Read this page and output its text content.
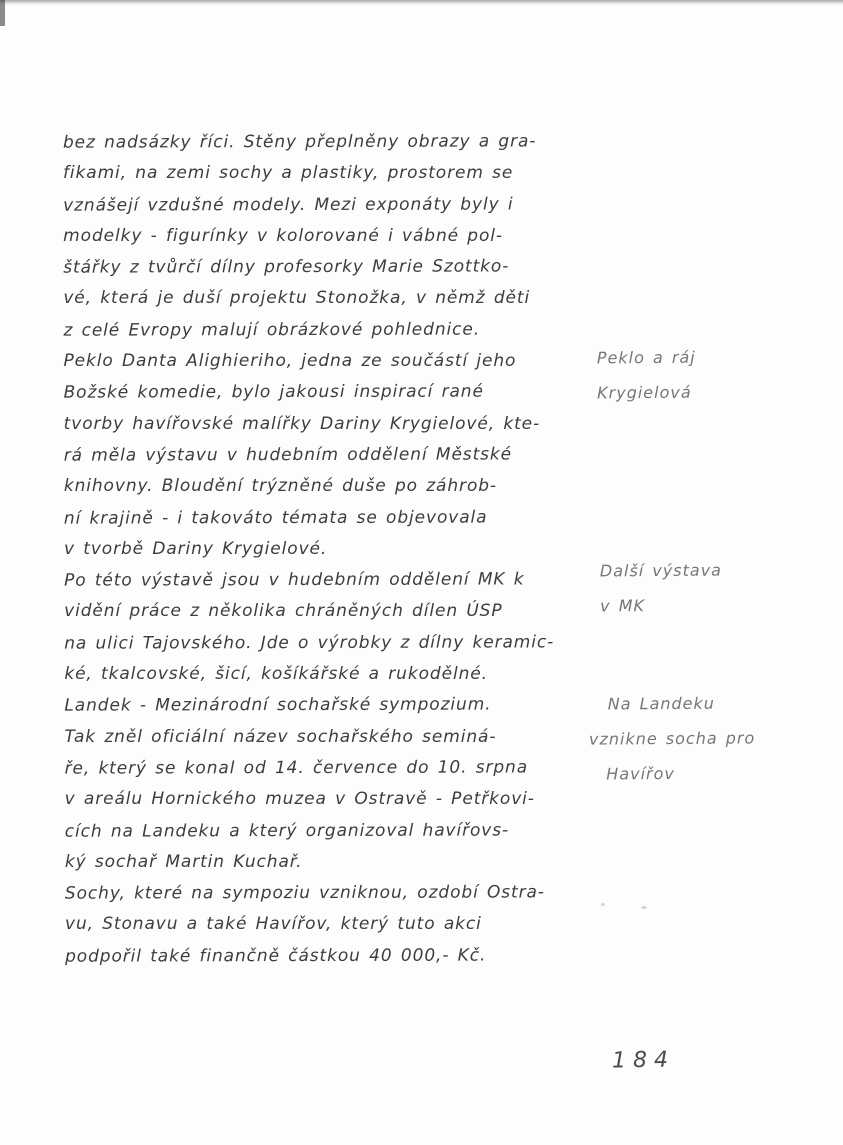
bez nadsázky říci. Stěny přeplněny obrazy a gra-
fikami, na zemi sochy a plastiky, prostorem se
vznášejí vzdušné modely. Mezi exponáty byly i
modelky - figurínky v kolorované i vábné pol-
štářky z tvůrčí dílny profesorky Marie Szottko-
vé, která je duší projektu Stonožka, v němž děti
z celé Evropy malují obrázkové pohlednice.
Peklo Danta Alighieriho, jedna ze součástí jeho
Božské komedie, bylo jakousi inspirací rané
tvorby havířovské malířky Dariny Krygielové, kte-
rá měla výstavu v hudebním oddělení Městské
knihovny. Bloudění trýzněné duše po záhrob-
ní krajině - i takováto témata se objevovala
v tvorbě Dariny Krygielové.
Po této výstavě jsou v hudebním oddělení MK k
vidění práce z několika chráněných dílen ÚSP
na ulici Tajovského. Jde o výrobky z dílny keramic-
ké, tkalcovské, šicí, košíkářské a rukodělné.
Landek - Mezinárodní sochařské sympozium.
Tak zněl oficiální název sochařského seminá-
ře, který se konal od 14. července do 10. srpna
v areálu Hornického muzea v Ostravě - Petřkovi-
cích na Landeku a který organizoval havířovs-
ký sochař Martin Kuchař.
Sochy, které na sympoziu vzniknou, ozdobí Ostra-
vu, Stonavu a také Havířov, který tuto akci
podpořil také finančně částkou 40 000,- Kč.
Peklo a ráj
Krygielová
Další výstava
v MK
Na Landeku
vznikne socha pro
Havířov
184
